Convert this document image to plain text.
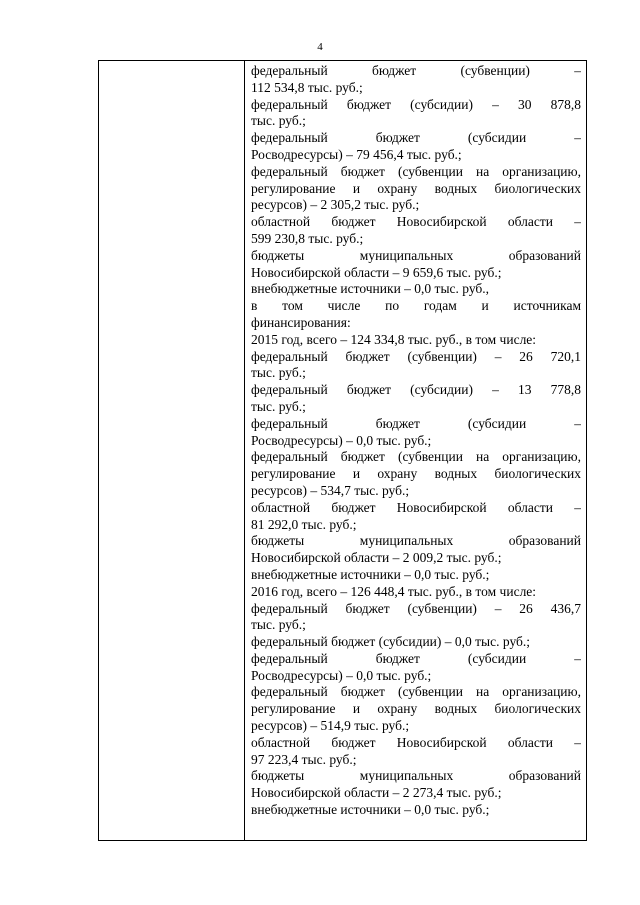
4
федеральный бюджет (субвенции) –
112 534,8 тыс. руб.;
федеральный бюджет (субсидии) – 30 878,8
тыс. руб.;
федеральный бюджет (субсидии –
Росводресурсы) – 79 456,4 тыс. руб.;
федеральный бюджет (субвенции на организацию,
регулирование и охрану водных биологических
ресурсов) – 2 305,2 тыс. руб.;
областной бюджет Новосибирской области –
599 230,8 тыс. руб.;
бюджеты муниципальных образований
Новосибирской области – 9 659,6 тыс. руб.;
внебюджетные источники – 0,0 тыс. руб.,
в том числе по годам и источникам
финансирования:
2015 год, всего – 124 334,8 тыс. руб., в том числе:
федеральный бюджет (субвенции) – 26 720,1
тыс. руб.;
федеральный бюджет (субсидии) – 13 778,8
тыс. руб.;
федеральный бюджет (субсидии –
Росводресурсы) – 0,0 тыс. руб.;
федеральный бюджет (субвенции на организацию,
регулирование и охрану водных биологических
ресурсов) – 534,7 тыс. руб.;
областной бюджет Новосибирской области –
81 292,0 тыс. руб.;
бюджеты муниципальных образований
Новосибирской области – 2 009,2 тыс. руб.;
внебюджетные источники – 0,0 тыс. руб.;
2016 год, всего – 126 448,4 тыс. руб., в том числе:
федеральный бюджет (субвенции) – 26 436,7
тыс. руб.;
федеральный бюджет (субсидии) – 0,0 тыс. руб.;
федеральный бюджет (субсидии –
Росводресурсы) – 0,0 тыс. руб.;
федеральный бюджет (субвенции на организацию,
регулирование и охрану водных биологических
ресурсов) – 514,9 тыс. руб.;
областной бюджет Новосибирской области –
97 223,4 тыс. руб.;
бюджеты муниципальных образований
Новосибирской области – 2 273,4 тыс. руб.;
внебюджетные источники – 0,0 тыс. руб.;
